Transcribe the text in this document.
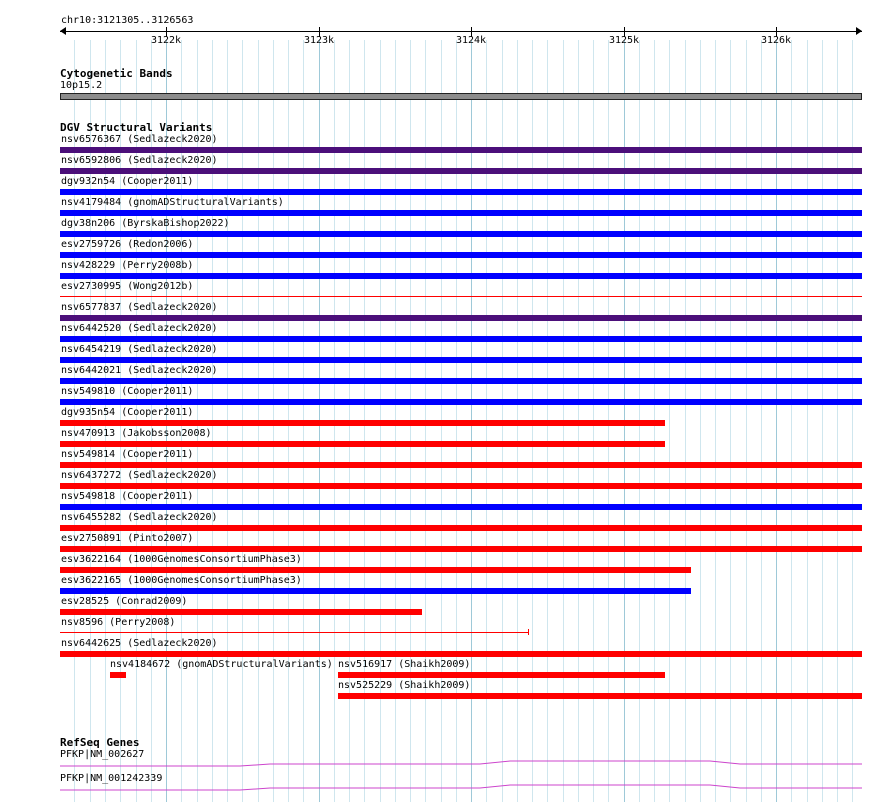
chr10:3121305..3126563
3122k	3123k	3124k	3125k	3126k
Cytogenetic Bands
10p15.2
DGV Structural Variants
nsv6576367 (Sedlazeck2020)
nsv6592806 (Sedlazeck2020)
dgv932n54 (Cooper2011)
nsv4179484 (gnomADStructuralVariants)
dgv38n206 (ByrskaBishop2022)
esv2759726 (Redon2006)
nsv428229 (Perry2008b)
esv2730995 (Wong2012b)
nsv6577837 (Sedlazeck2020)
nsv6442520 (Sedlazeck2020)
nsv6454219 (Sedlazeck2020)
nsv6442021 (Sedlazeck2020)
nsv549810 (Cooper2011)
dgv935n54 (Cooper2011)
nsv470913 (Jakobsson2008)
nsv549814 (Cooper2011)
nsv6437272 (Sedlazeck2020)
nsv549818 (Cooper2011)
nsv6455282 (Sedlazeck2020)
esv2750891 (Pinto2007)
esv3622164 (1000GenomesConsortiumPhase3)
esv3622165 (1000GenomesConsortiumPhase3)
esv28525 (Conrad2009)
nsv8596 (Perry2008)
nsv6442625 (Sedlazeck2020)
nsv4184672 (gnomADStructuralVariants) nsv516917 (Shaikh2009)
nsv525229 (Shaikh2009)
RefSeq Genes
PFKP|NM_002627
PFKP|NM_001242339
